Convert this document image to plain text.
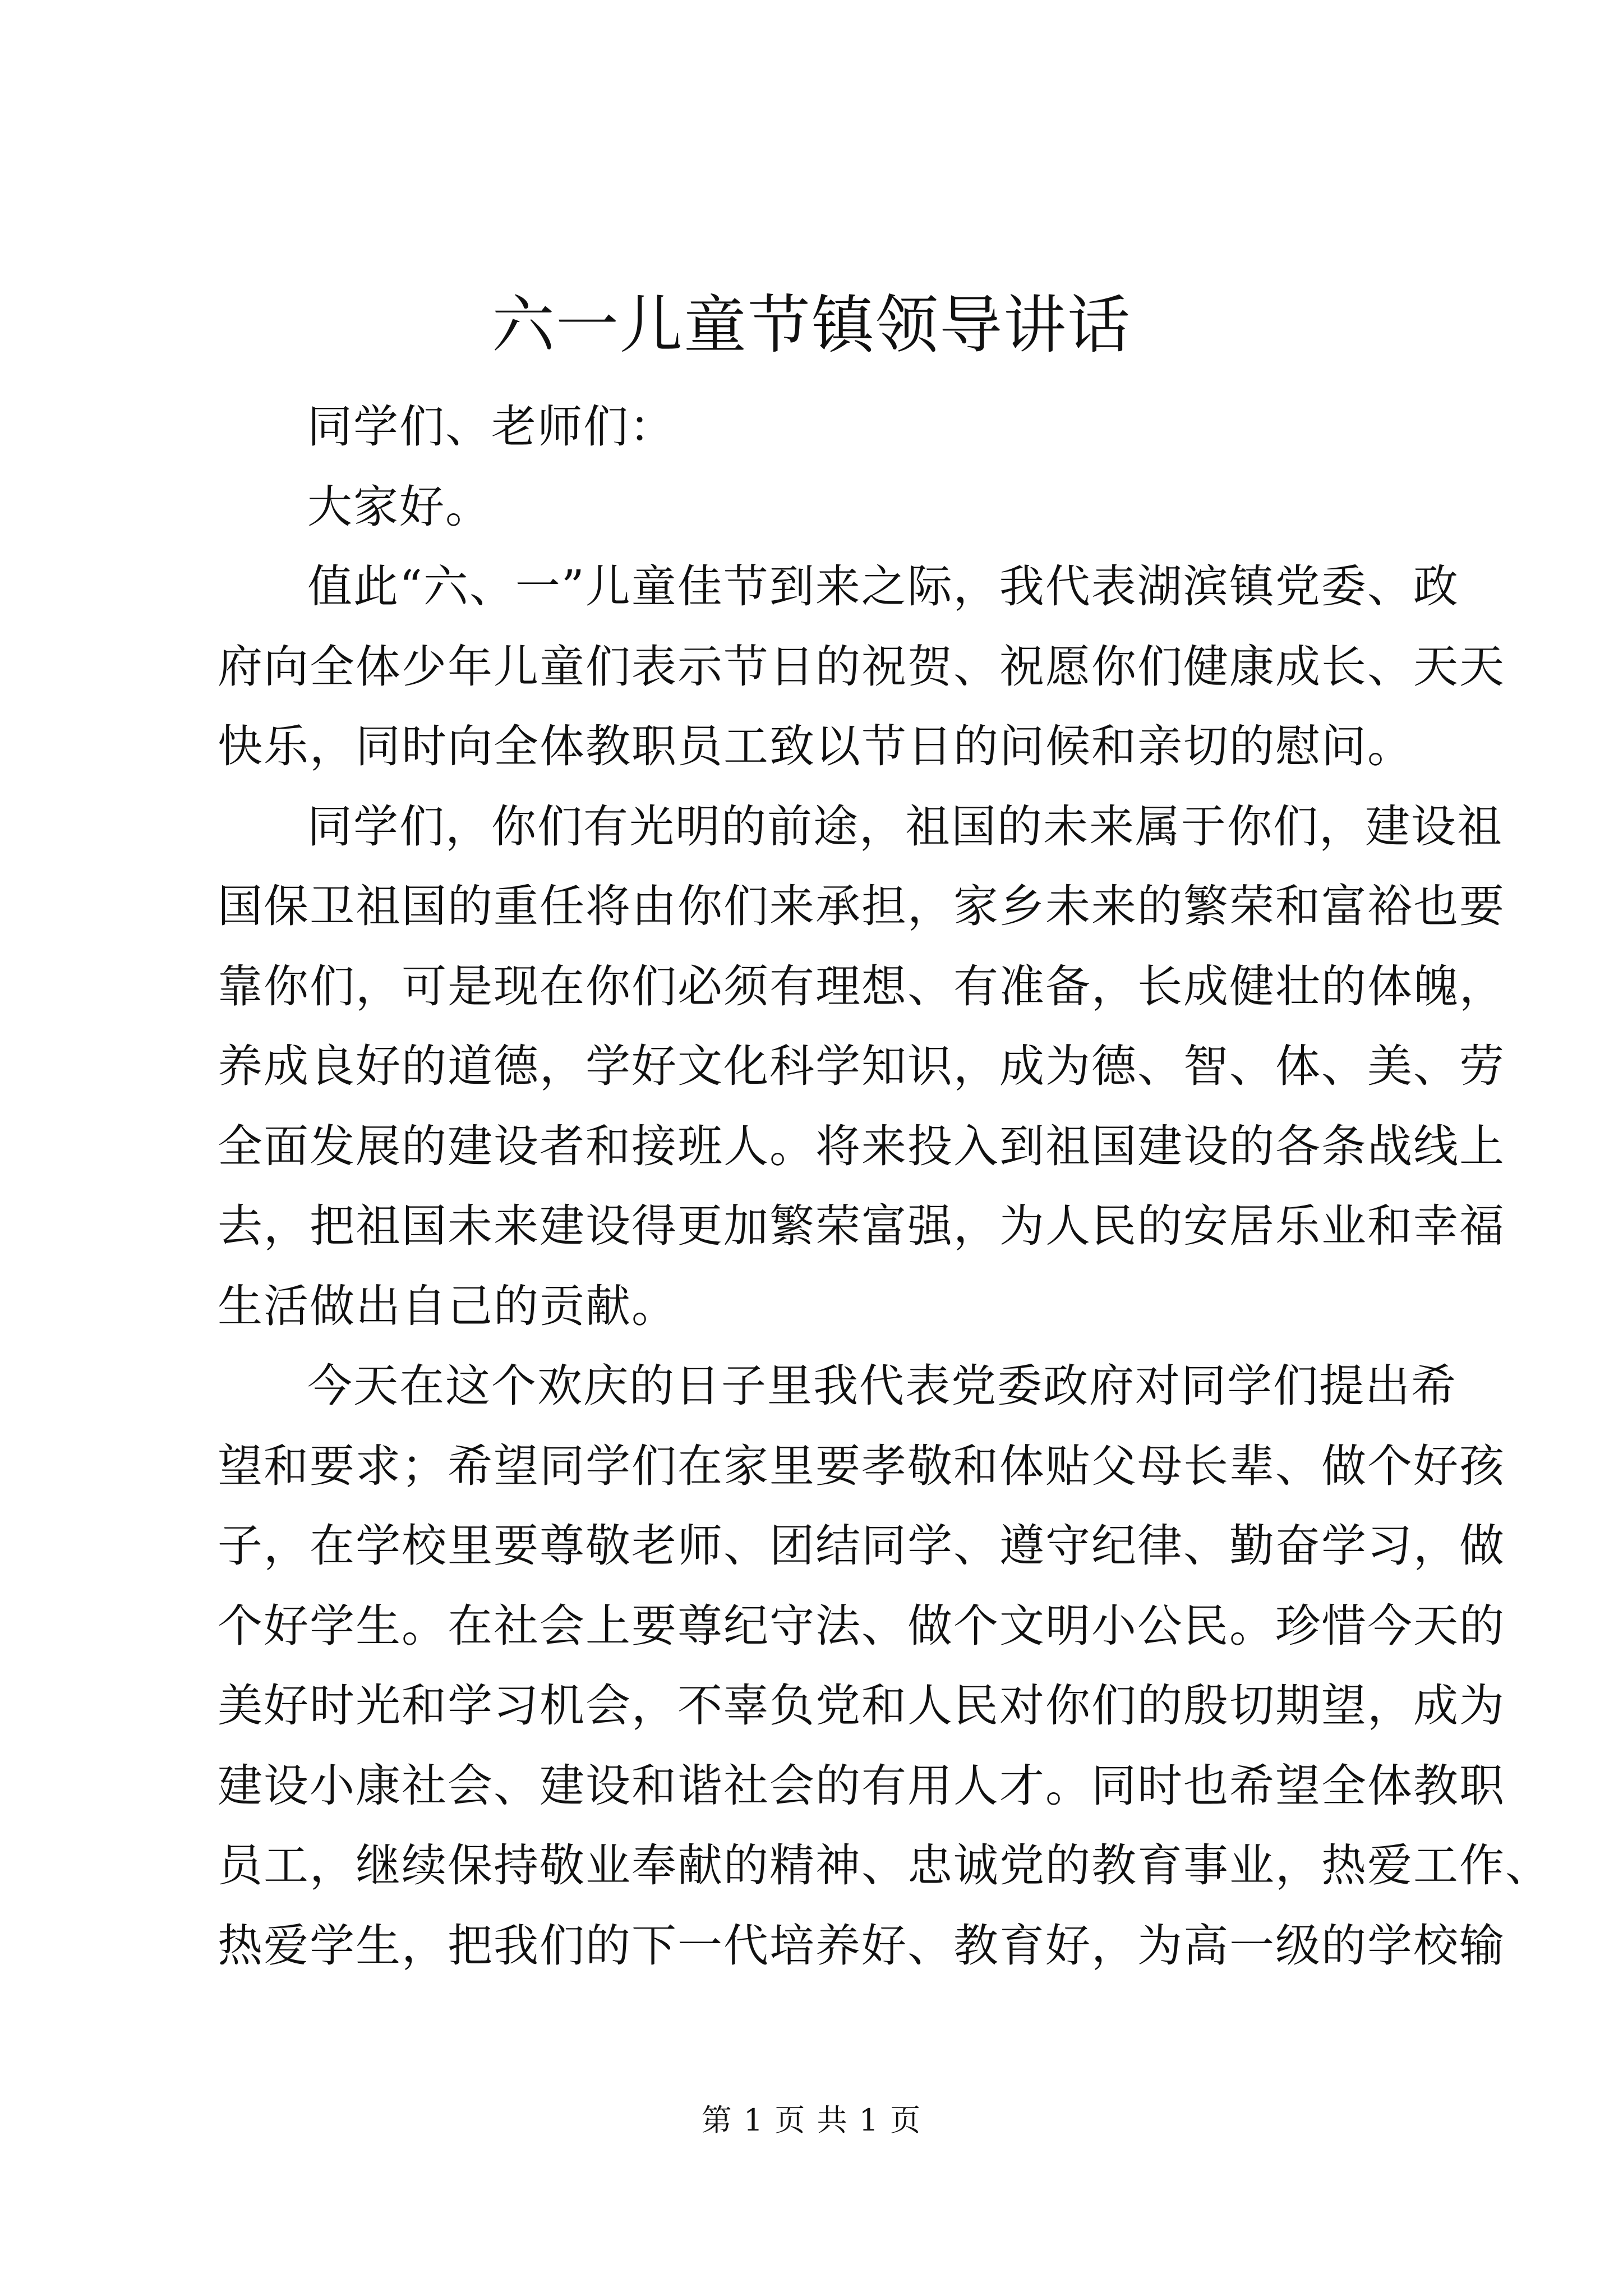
六一儿童节镇领导讲话
同学们、老师们：
大家好。
值此“六、一”儿童佳节到来之际，我代表湖滨镇党委、政
府向全体少年儿童们表示节日的祝贺、祝愿你们健康成长、天天
快乐，同时向全体教职员工致以节日的问候和亲切的慰问。
同学们，你们有光明的前途，祖国的未来属于你们，建设祖
国保卫祖国的重任将由你们来承担，家乡未来的繁荣和富裕也要
靠你们，可是现在你们必须有理想、有准备，长成健壮的体魄，
养成良好的道德，学好文化科学知识，成为德、智、体、美、劳
全面发展的建设者和接班人。将来投入到祖国建设的各条战线上
去，把祖国未来建设得更加繁荣富强，为人民的安居乐业和幸福
生活做出自己的贡献。
今天在这个欢庆的日子里我代表党委政府对同学们提出希
望和要求；希望同学们在家里要孝敬和体贴父母长辈、做个好孩
子，在学校里要尊敬老师、团结同学、遵守纪律、勤奋学习，做
个好学生。在社会上要尊纪守法、做个文明小公民。珍惜今天的
美好时光和学习机会，不辜负党和人民对你们的殷切期望，成为
建设小康社会、建设和谐社会的有用人才。同时也希望全体教职
员工，继续保持敬业奉献的精神、忠诚党的教育事业，热爱工作、
热爱学生，把我们的下一代培养好、教育好，为高一级的学校输
第 1 页 共 1 页
